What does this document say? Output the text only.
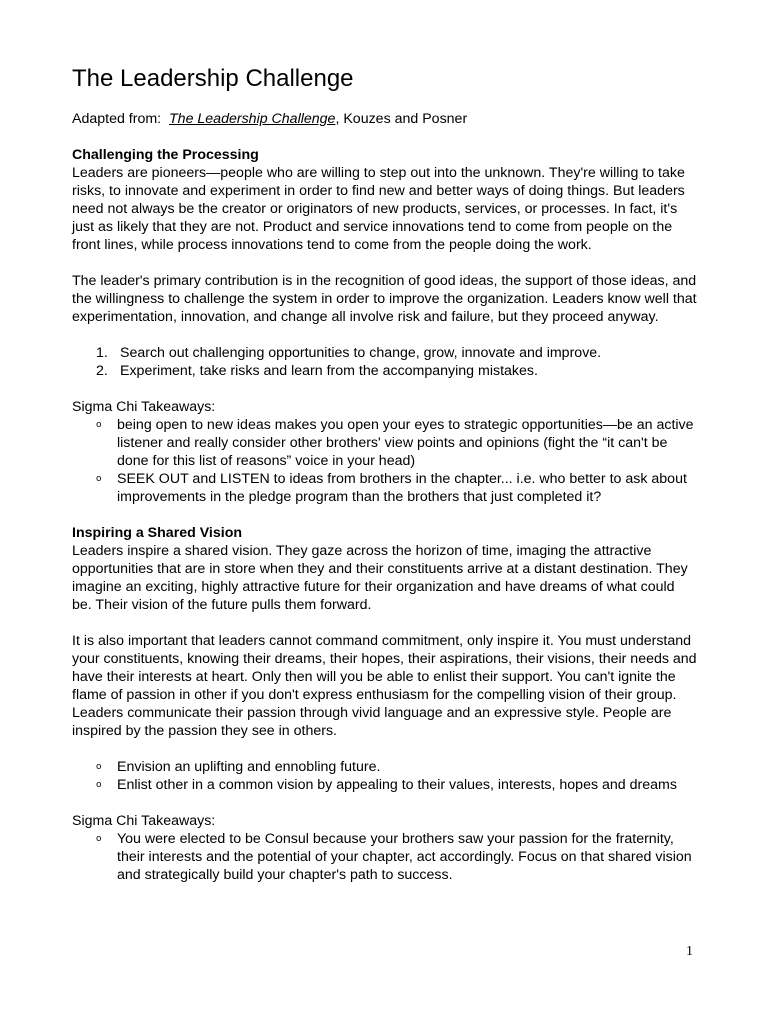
The Leadership Challenge

Adapted from: The Leadership Challenge, Kouzes and Posner

Challenging the Processing

Leaders are pioneers—people who are willing to step out into the unknown. They're willing to take risks, to innovate and experiment in order to find new and better ways of doing things. But leaders need not always be the creator or originators of new products, services, or processes. In fact, it's just as likely that they are not. Product and service innovations tend to come from people on the front lines, while process innovations tend to come from the people doing the work.

The leader's primary contribution is in the recognition of good ideas, the support of those ideas, and the willingness to challenge the system in order to improve the organization. Leaders know well that experimentation, innovation, and change all involve risk and failure, but they proceed anyway.

1. Search out challenging opportunities to change, grow, innovate and improve.
2. Experiment, take risks and learn from the accompanying mistakes.

Sigma Chi Takeaways:

o being open to new ideas makes you open your eyes to strategic opportunities—be an active listener and really consider other brothers' view points and opinions (fight the “it can't be done for this list of reasons” voice in your head)
o SEEK OUT and LISTEN to ideas from brothers in the chapter... i.e. who better to ask about improvements in the pledge program than the brothers that just completed it?

Inspiring a Shared Vision

Leaders inspire a shared vision. They gaze across the horizon of time, imaging the attractive opportunities that are in store when they and their constituents arrive at a distant destination. They imagine an exciting, highly attractive future for their organization and have dreams of what could be. Their vision of the future pulls them forward.

It is also important that leaders cannot command commitment, only inspire it. You must understand your constituents, knowing their dreams, their hopes, their aspirations, their visions, their needs and have their interests at heart. Only then will you be able to enlist their support. You can't ignite the flame of passion in other if you don't express enthusiasm for the compelling vision of their group. Leaders communicate their passion through vivid language and an expressive style. People are inspired by the passion they see in others.

o Envision an uplifting and ennobling future.
o Enlist other in a common vision by appealing to their values, interests, hopes and dreams

Sigma Chi Takeaways:

o You were elected to be Consul because your brothers saw your passion for the fraternity, their interests and the potential of your chapter, act accordingly. Focus on that shared vision and strategically build your chapter's path to success.
1
